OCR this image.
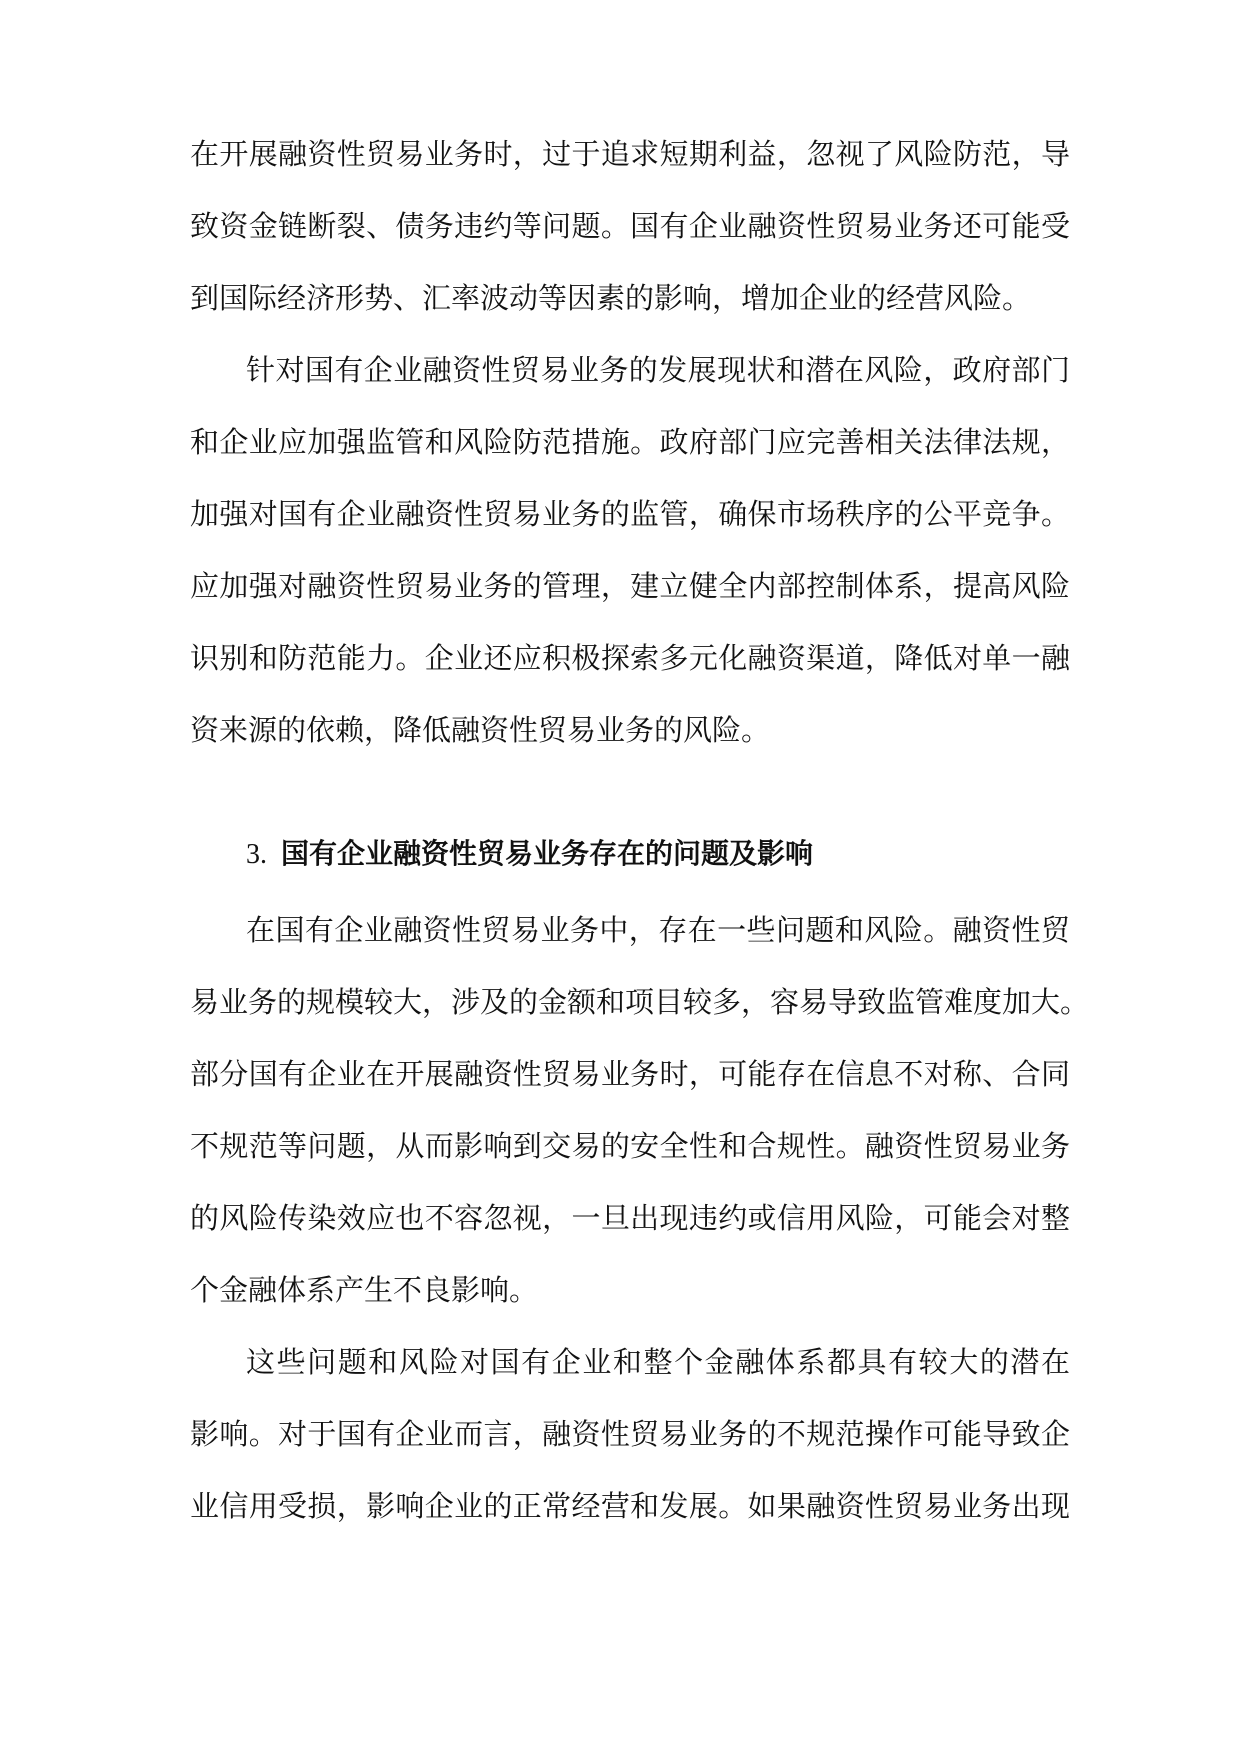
在开展融资性贸易业务时，过于追求短期利益，忽视了风险防范，导
致资金链断裂、债务违约等问题。国有企业融资性贸易业务还可能受
到国际经济形势、汇率波动等因素的影响，增加企业的经营风险。
针对国有企业融资性贸易业务的发展现状和潜在风险，政府部门
和企业应加强监管和风险防范措施。政府部门应完善相关法律法规，
加强对国有企业融资性贸易业务的监管，确保市场秩序的公平竞争。
应加强对融资性贸易业务的管理，建立健全内部控制体系，提高风险
识别和防范能力。企业还应积极探索多元化融资渠道，降低对单一融
资来源的依赖，降低融资性贸易业务的风险。
3. 国有企业融资性贸易业务存在的问题及影响
在国有企业融资性贸易业务中，存在一些问题和风险。融资性贸
易业务的规模较大，涉及的金额和项目较多，容易导致监管难度加大。
部分国有企业在开展融资性贸易业务时，可能存在信息不对称、合同
不规范等问题，从而影响到交易的安全性和合规性。融资性贸易业务
的风险传染效应也不容忽视，一旦出现违约或信用风险，可能会对整
个金融体系产生不良影响。
这些问题和风险对国有企业和整个金融体系都具有较大的潜在
影响。对于国有企业而言，融资性贸易业务的不规范操作可能导致企
业信用受损，影响企业的正常经营和发展。如果融资性贸易业务出现
